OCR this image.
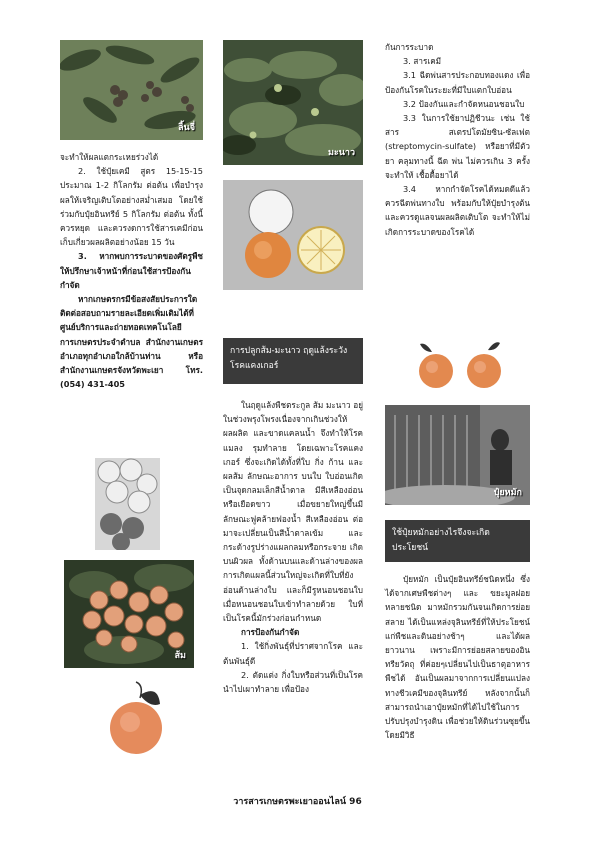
ลิ้นจี่

จะทำให้ผลแตกระเหยร่วงได้

2. ใช้ปุ๋ยเคมี สูตร 15-15-15 ประมาณ 1-2 กิโลกรัม ต่อต้น เพื่อบำรุงผลให้เจริญเติบโตอย่างสม่ำเสมอ โดยใช้ร่วมกับปุ๋ยอินทรีย์ 5 กิโลกรัม ต่อต้น ทั้งนี้ ควรหยุด และควรงดการใช้สารเคมีก่อนเก็บเกี่ยวผลผลิตอย่างน้อย 15 วัน

3. หากพบการระบาดของศัตรูพืช ให้ปรึกษาเจ้าหน้าที่ก่อนใช้สารป้องกันกำจัด

หากเกษตรกรมีข้อสงสัยประการใดติดต่อสอบถามรายละเอียดเพิ่มเติมได้ที่ ศูนย์บริการและถ่ายทอดเทคโนโลยีการเกษตรประจำตำบล สำนักงานเกษตรอำเภอทุกอำเภอใกล้บ้านท่าน หรือสำนักงานเกษตรจังหวัดพะเยา โทร. (054) 431-405

ส้ม
มะนาว
การปลูกส้ม-มะนาว ฤดูแล้งระวังโรคแคงเกอร์

ในฤดูแล้งพืชตระกูล ส้ม มะนาว อยู่ในช่วงพรุงโพรงเนื่องจากเกินช่วงให้ผลผลิต และขาดแคลนน้ำ จึงทำให้โรค แมลง รุมทำลาย โดยเฉพาะโรคแคงเกอร์ ซึ่งจะเกิดได้ทั้งที่ใบ กิ่ง ก้าน และผลส้ม ลักษณะอาการ บนใบ ใบอ่อนเกิดเป็นจุดกลมเล็กสีน้ำตาล มีสีเหลืองอ่อนหรือเยือดขาว เมื่อขยายใหญ่ขึ้นมีลักษณะฟูคล้ายฟองน้ำ สีเหลืองอ่อน ต่อมาจะเปลี่ยนเป็นสีน้ำตาลเข้ม และกระด้างรูปร่างแผลกลมหรือกระจาย เกิดบนผิวผล ทั้งด้านบนและด้านล่างของผล การเกิดแผลนี้ส่วนใหญ่จะเกิดที่ใบที่ยังอ่อนด้านล่างใบ และก็มีรูหนอนชอนใบ เมื่อหนอนชอนใบเข้าทำลายด้วย ใบที่เป็นโรคนี้มักร่วงก่อนกำหนด

การป้องกันกำจัด

1. ใช้กิ่งพันธุ์ที่ปราศจากโรค และต้นพันธุ์ดี

2. ตัดแต่ง กิ่งใบหรือส่วนที่เป็นโรคนำไปเผาทำลาย เพื่อป้อง

กันการระบาด

3. สารเคมี

3.1 ฉีดพ่นสารประกอบทองแดง เพื่อป้องกันโรคในระยะที่มีใบแตกใบอ่อน

3.2 ป้องกันและกำจัดหนอนชอนใบ

3.3 ในการใช้ยาปฏิชีวนะ เช่น ใช้สาร สเตรปโตมัยซิน-ซัลเฟต (streptomycin-sulfate) หรือยาที่มีตัวยา คลุมทางนี้ ฉีด พ่น ไม่ควรเกิน 3 ครั้ง จะทำให้ เชื้อดื้อยาได้

3.4 หากกำจัดโรคได้หมดดีแล้ว ควรฉีดพ่นทางใบ พร้อมกับให้ปุ๋ยบำรุงต้น และควรดูแลจนผลผลิตเติบโต จะทำให้ไม่เกิดการระบาดของโรคได้

ปุ๋ยหมัก
ใช้ปุ๋ยหมักอย่างไรจึงจะเกิดประโยชน์

ปุ๋ยหมัก เป็นปุ๋ยอินทรีย์ชนิดหนึ่ง ซึ่งได้จากเศษพืชต่างๆ และ ขยะมูลฝอยหลายชนิด มาหมักรวมกันจนเกิดการย่อยสลาย ได้เป็นแหล่งจุลินทรีย์ที่ให้ประโยชน์แก่พืชและดินอย่างช้าๆ และได้ผลยาวนาน เพราะมีการย่อยสลายของอินทรียวัตถุ ที่ค่อยๆเปลี่ยนไปเป็นธาตุอาหารพืชได้ อันเป็นผลมาจากการเปลี่ยนแปลงทางชีวเคมีของจุลินทรีย์ หลังจากนั้นก็สามารถนำเอาปุ๋ยหมักที่ได้ไปใช้ในการปรับปรุงบำรุงดิน เพื่อช่วยให้ดินร่วนซุยขึ้น โดยมีวิธี

วารสารเกษตรพะเยาออนไลน์ 96
